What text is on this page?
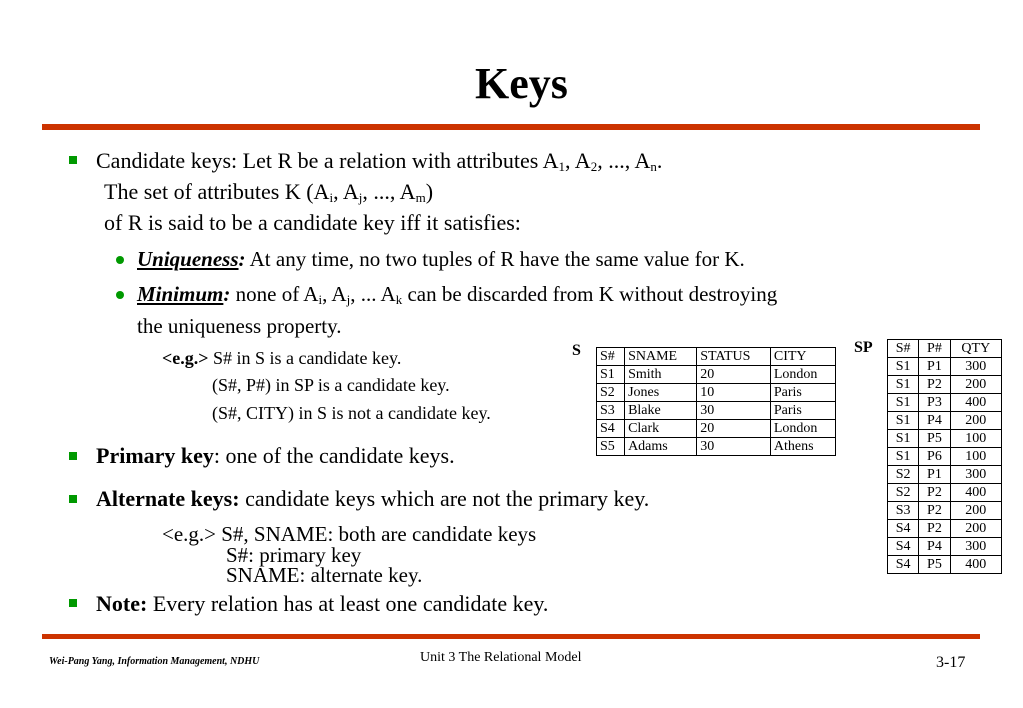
Keys
Candidate keys: Let R be a relation with attributes $A_1$, $A_2$, ..., $A_n$.
The set of attributes K ($A_i$, $A_j$, ..., $A_m$)
of R is said to be a candidate key iff it satisfies:
Uniqueness: At any time, no two tuples of R have the same value for K.
Minimum: none of $A_i$, $A_j$, ... $A_k$ can be discarded from K without destroying
the uniqueness property.
<e.g.> S# in S is a candidate key.
(S#, P#) in SP is a candidate key.
(S#, CITY) in S is not a candidate key.
Primary key: one of the candidate keys.
Alternate keys: candidate keys which are not the primary key.
<e.g.> S#, SNAME: both are candidate keys
S#: primary key
SNAME: alternate key.
Note: Every relation has at least one candidate key.
S S#	SNAME	STATUS	CITY
S1	Smith	20	London
S2	Jones	10	Paris
S3	Blake	30	Paris
S4	Clark	20	London
S5	Adams	30	Athens
SP S#	P#	QTY
S1	P1	300
S1	P2	200
S1	P3	400
S1	P4	200
S1	P5	100
S1	P6	100
S2	P1	300
S2	P2	400
S3	P2	200
S4	P2	200
S4	P4	300
S4	P5	400
Wei-Pang Yang, Information Management, NDHU	Unit 3 The Relational Model	3-17
